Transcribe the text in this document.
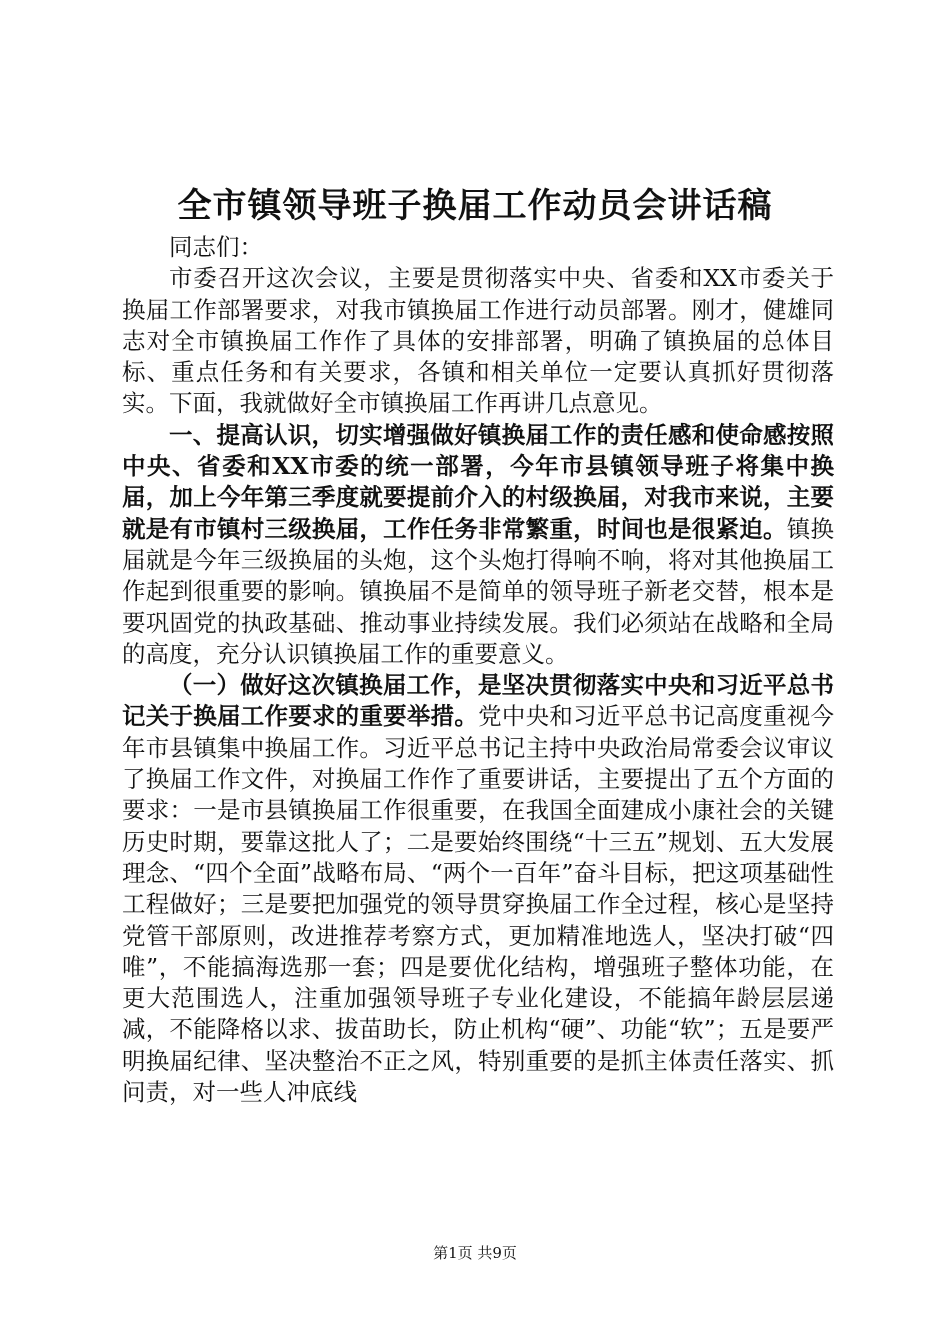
全市镇领导班子换届工作动员会讲话稿

同志们：

市委召开这次会议，主要是贯彻落实中央、省委和XX市委关于换届工作部署要求，对我市镇换届工作进行动员部署。刚才，健雄同志对全市镇换届工作作了具体的安排部署，明确了镇换届的总体目标、重点任务和有关要求，各镇和相关单位一定要认真抓好贯彻落实。下面，我就做好全市镇换届工作再讲几点意见。

一、提高认识，切实增强做好镇换届工作的责任感和使命感按照中央、省委和XX市委的统一部署，今年市县镇领导班子将集中换届，加上今年第三季度就要提前介入的村级换届，对我市来说，主要就是有市镇村三级换届，工作任务非常繁重，时间也是很紧迫。镇换届就是今年三级换届的头炮，这个头炮打得响不响，将对其他换届工作起到很重要的影响。镇换届不是简单的领导班子新老交替，根本是要巩固党的执政基础、推动事业持续发展。我们必须站在战略和全局的高度，充分认识镇换届工作的重要意义。

（一）做好这次镇换届工作，是坚决贯彻落实中央和习近平总书记关于换届工作要求的重要举措。党中央和习近平总书记高度重视今年市县镇集中换届工作。习近平总书记主持中央政治局常委会议审议了换届工作文件，对换届工作作了重要讲话，主要提出了五个方面的要求：一是市县镇换届工作很重要，在我国全面建成小康社会的关键历史时期，要靠这批人了；二是要始终围绕“十三五”规划、五大发展理念、“四个全面”战略布局、“两个一百年”奋斗目标，把这项基础性工程做好；三是要把加强党的领导贯穿换届工作全过程，核心是坚持党管干部原则，改进推荐考察方式，更加精准地选人，坚决打破“四唯”，不能搞海选那一套；四是要优化结构，增强班子整体功能，在更大范围选人，注重加强领导班子专业化建设，不能搞年龄层层递减，不能降格以求、拔苗助长，防止机构“硬”、功能“软”；五是要严明换届纪律、坚决整治不正之风，特别重要的是抓主体责任落实、抓问责，对一些人冲底线

第1页 共9页
